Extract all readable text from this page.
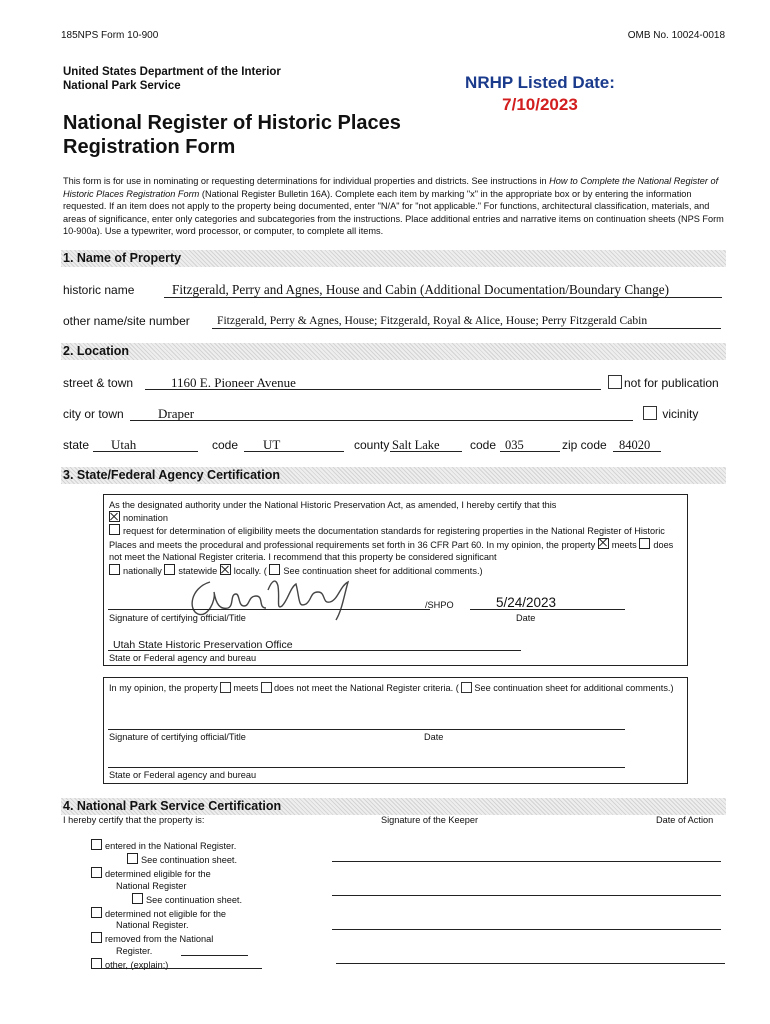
185NPS Form 10-900	OMB No. 10024-0018
United States Department of the Interior
National Park Service	NRHP Listed Date:
7/10/2023
National Register of Historic Places
Registration Form
This form is for use in nominating or requesting determinations for individual properties and districts. See instructions in How to Complete the National Register of Historic Places Registration Form (National Register Bulletin 16A). Complete each item by marking "x" in the appropriate box or by entering the information requested. If an item does not apply to the property being documented, enter "N/A" for "not applicable." For functions, architectural classification, materials, and areas of significance, enter only categories and subcategories from the instructions. Place additional entries and narrative items on continuation sheets (NPS Form 10-900a). Use a typewriter, word processor, or computer, to complete all items.
1. Name of Property
historic name	Fitzgerald, Perry and Agnes, House and Cabin (Additional Documentation/Boundary Change)
other name/site number Fitzgerald, Perry & Agnes, House; Fitzgerald, Royal & Alice, House; Perry Fitzgerald Cabin
2. Location
street & town	1160 E. Pioneer Avenue	not for publication
city or town	Draper	vicinity
state Utah	code UT	county Salt Lake	code 035	zip code 84020
3. State/Federal Agency Certification
As the designated authority under the National Historic Preservation Act, as amended, I hereby certify that this
nomination
request for determination of eligibility meets the documentation standards for registering properties in the National Register of Historic Places and meets the procedural and professional requirements set forth in 36 CFR Part 60. In my opinion, the property meets does not meet the National Register criteria. I recommend that this property be considered significant
nationally statewide locally. ( See continuation sheet for additional comments.)
/SHPO	5/24/2023
Signature of certifying official/Title	Date
Utah State Historic Preservation Office
State or Federal agency and bureau
In my opinion, the property meets does not meet the National Register criteria. ( See continuation sheet for additional comments.)
Signature of certifying official/Title	Date
State or Federal agency and bureau
4. National Park Service Certification
I hereby certify that the property is:	Signature of the Keeper	Date of Action
entered in the National Register.
See continuation sheet.
determined eligible for the
National Register
See continuation sheet.
determined not eligible for the
National Register.
removed from the National
Register.
other, (explain:)
